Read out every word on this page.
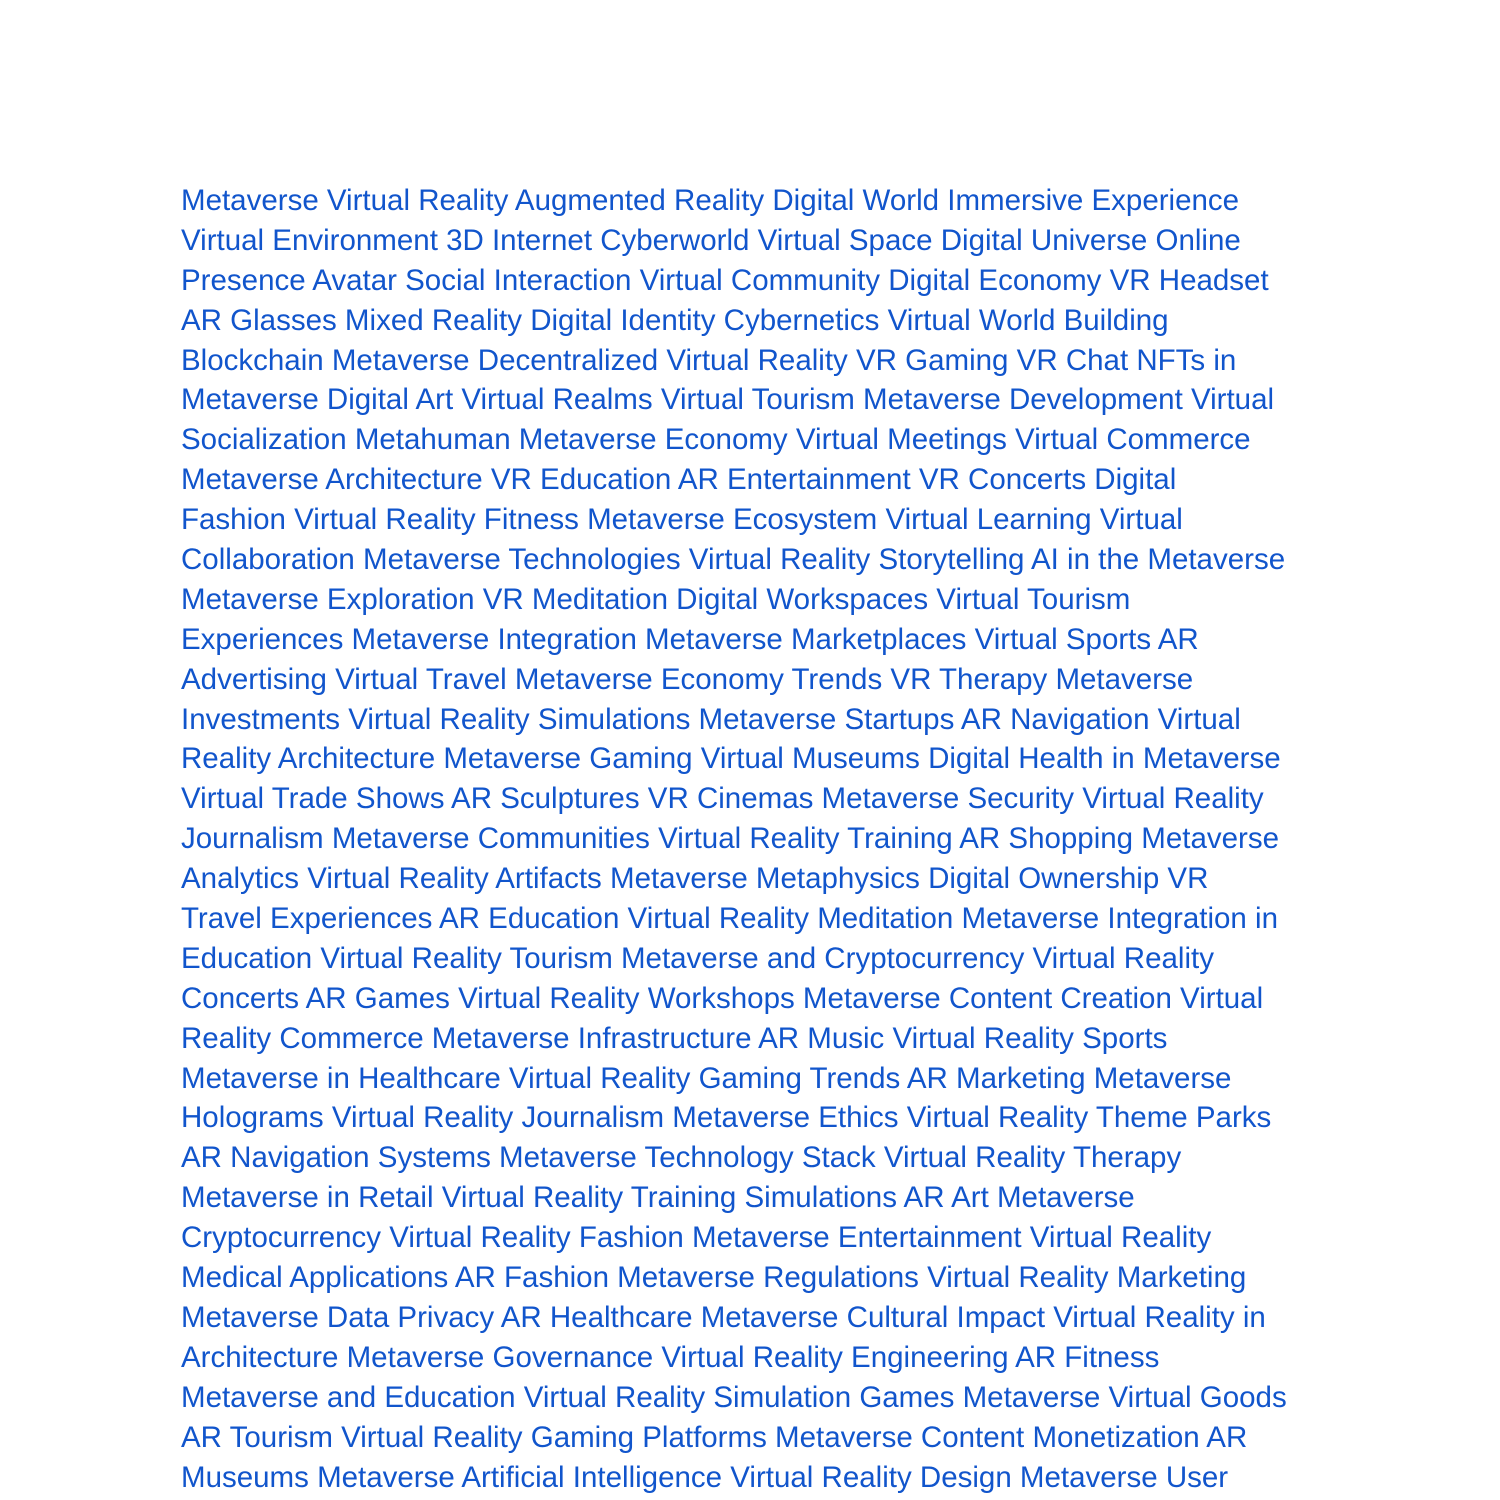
Metaverse Virtual Reality Augmented Reality Digital World Immersive Experience
Virtual Environment 3D Internet Cyberworld Virtual Space Digital Universe Online
Presence Avatar Social Interaction Virtual Community Digital Economy VR Headset
AR Glasses Mixed Reality Digital Identity Cybernetics Virtual World Building
Blockchain Metaverse Decentralized Virtual Reality VR Gaming VR Chat NFTs in
Metaverse Digital Art Virtual Realms Virtual Tourism Metaverse Development Virtual
Socialization Metahuman Metaverse Economy Virtual Meetings Virtual Commerce
Metaverse Architecture VR Education AR Entertainment VR Concerts Digital
Fashion Virtual Reality Fitness Metaverse Ecosystem Virtual Learning Virtual
Collaboration Metaverse Technologies Virtual Reality Storytelling AI in the Metaverse
Metaverse Exploration VR Meditation Digital Workspaces Virtual Tourism
Experiences Metaverse Integration Metaverse Marketplaces Virtual Sports AR
Advertising Virtual Travel Metaverse Economy Trends VR Therapy Metaverse
Investments Virtual Reality Simulations Metaverse Startups AR Navigation Virtual
Reality Architecture Metaverse Gaming Virtual Museums Digital Health in Metaverse
Virtual Trade Shows AR Sculptures VR Cinemas Metaverse Security Virtual Reality
Journalism Metaverse Communities Virtual Reality Training AR Shopping Metaverse
Analytics Virtual Reality Artifacts Metaverse Metaphysics Digital Ownership VR
Travel Experiences AR Education Virtual Reality Meditation Metaverse Integration in
Education Virtual Reality Tourism Metaverse and Cryptocurrency Virtual Reality
Concerts AR Games Virtual Reality Workshops Metaverse Content Creation Virtual
Reality Commerce Metaverse Infrastructure AR Music Virtual Reality Sports
Metaverse in Healthcare Virtual Reality Gaming Trends AR Marketing Metaverse
Holograms Virtual Reality Journalism Metaverse Ethics Virtual Reality Theme Parks
AR Navigation Systems Metaverse Technology Stack Virtual Reality Therapy
Metaverse in Retail Virtual Reality Training Simulations AR Art Metaverse
Cryptocurrency Virtual Reality Fashion Metaverse Entertainment Virtual Reality
Medical Applications AR Fashion Metaverse Regulations Virtual Reality Marketing
Metaverse Data Privacy AR Healthcare Metaverse Cultural Impact Virtual Reality in
Architecture Metaverse Governance Virtual Reality Engineering AR Fitness
Metaverse and Education Virtual Reality Simulation Games Metaverse Virtual Goods
AR Tourism Virtual Reality Gaming Platforms Metaverse Content Monetization AR
Museums Metaverse Artificial Intelligence Virtual Reality Design Metaverse User
